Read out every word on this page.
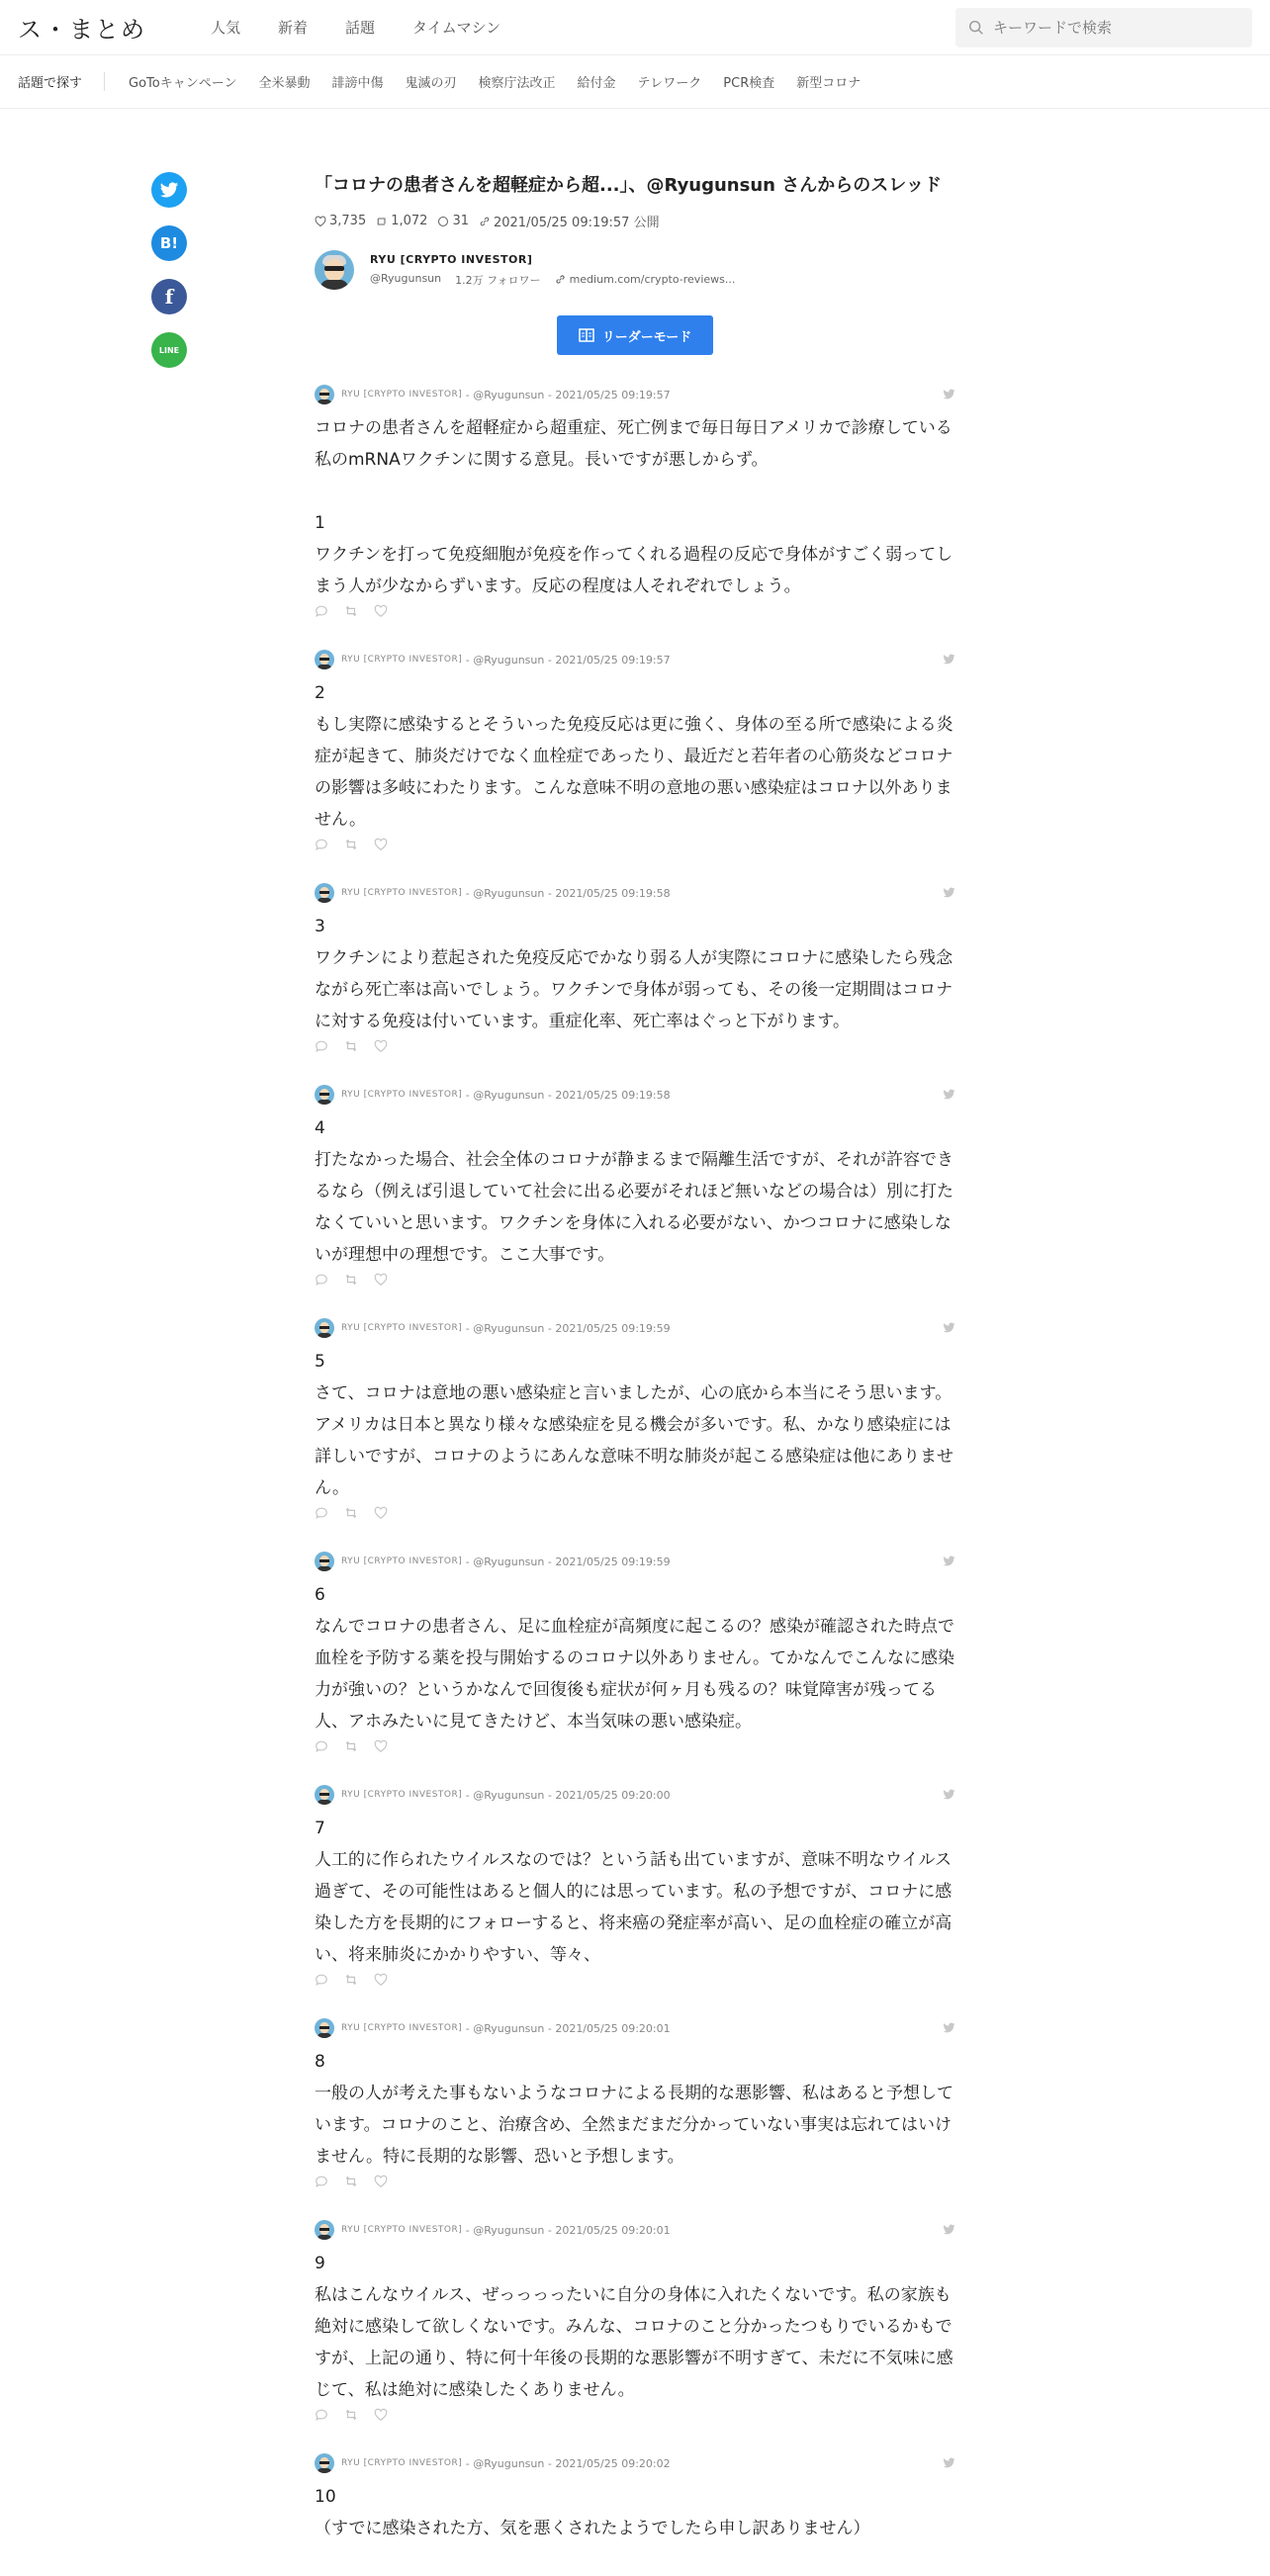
ス・まとめ	人気	新着	話題	タイムマシン
キーワードで検索
話題で探す	GoToキャンペーン 全米暴動 誹謗中傷 鬼滅の刃 検察庁法改正 給付金 テレワーク PCR検査 新型コロナ
B!
f
LINE
「コロナの患者さんを超軽症から超...」、@Ryugunsun さんからのスレッド
3,735 1,072 31 2021/05/25 09:19:57 公開
RYU [CRYPTO INVESTOR]
@Ryugunsun 1.2万 フォロワー	medium.com/crypto-reviews...
リーダーモード
RYU [CRYPTO INVESTOR]
- @Ryugunsun - 2021/05/25 09:19:57
コロナの患者さんを超軽症から超重症、死亡例まで毎日毎日アメリカで診療している私のmRNAワクチンに関する意見。長いですが悪しからず。

1
ワクチンを打って免疫細胞が免疫を作ってくれる過程の反応で身体がすごく弱ってしまう人が少なからずいます。反応の程度は人それぞれでしょう。
RYU [CRYPTO INVESTOR]
- @Ryugunsun - 2021/05/25 09:19:57
2
もし実際に感染するとそういった免疫反応は更に強く、身体の至る所で感染による炎症が起きて、肺炎だけでなく血栓症であったり、最近だと若年者の心筋炎などコロナの影響は多岐にわたります。こんな意味不明の意地の悪い感染症はコロナ以外ありません。
RYU [CRYPTO INVESTOR]
- @Ryugunsun - 2021/05/25 09:19:58
3
ワクチンにより惹起された免疫反応でかなり弱る人が実際にコロナに感染したら残念ながら死亡率は高いでしょう。ワクチンで身体が弱っても、その後一定期間はコロナに対する免疫は付いています。重症化率、死亡率はぐっと下がります。
RYU [CRYPTO INVESTOR]
- @Ryugunsun - 2021/05/25 09:19:58
4
打たなかった場合、社会全体のコロナが静まるまで隔離生活ですが、それが許容できるなら（例えば引退していて社会に出る必要がそれほど無いなどの場合は）別に打たなくていいと思います。ワクチンを身体に入れる必要がない、かつコロナに感染しないが理想中の理想です。ここ大事です。
RYU [CRYPTO INVESTOR]
- @Ryugunsun - 2021/05/25 09:19:59
5
さて、コロナは意地の悪い感染症と言いましたが、心の底から本当にそう思います。アメリカは日本と異なり様々な感染症を見る機会が多いです。私、かなり感染症には詳しいですが、コロナのようにあんな意味不明な肺炎が起こる感染症は他にありません。
RYU [CRYPTO INVESTOR]
- @Ryugunsun - 2021/05/25 09:19:59
6
なんでコロナの患者さん、足に血栓症が高頻度に起こるの？感染が確認された時点で血栓を予防する薬を投与開始するのコロナ以外ありません。てかなんでこんなに感染力が強いの？というかなんで回復後も症状が何ヶ月も残るの？味覚障害が残ってる人、アホみたいに見てきたけど、本当気味の悪い感染症。
RYU [CRYPTO INVESTOR]
- @Ryugunsun - 2021/05/25 09:20:00
7
人工的に作られたウイルスなのでは？という話も出ていますが、意味不明なウイルス過ぎて、その可能性はあると個人的には思っています。私の予想ですが、コロナに感染した方を長期的にフォローすると、将来癌の発症率が高い、足の血栓症の確立が高い、将来肺炎にかかりやすい、等々、
RYU [CRYPTO INVESTOR]
- @Ryugunsun - 2021/05/25 09:20:01
8
一般の人が考えた事もないようなコロナによる長期的な悪影響、私はあると予想しています。コロナのこと、治療含め、全然まだまだ分かっていない事実は忘れてはいけません。特に長期的な影響、恐いと予想します。
RYU [CRYPTO INVESTOR]
- @Ryugunsun - 2021/05/25 09:20:01
9
私はこんなウイルス、ぜっっっったいに自分の身体に入れたくないです。私の家族も絶対に感染して欲しくないです。みんな、コロナのこと分かったつもりでいるかもですが、上記の通り、特に何十年後の長期的な悪影響が不明すぎて、未だに不気味に感じて、私は絶対に感染したくありません。
RYU [CRYPTO INVESTOR]
- @Ryugunsun - 2021/05/25 09:20:02
10
（すでに感染された方、気を悪くされたようでしたら申し訳ありません）
